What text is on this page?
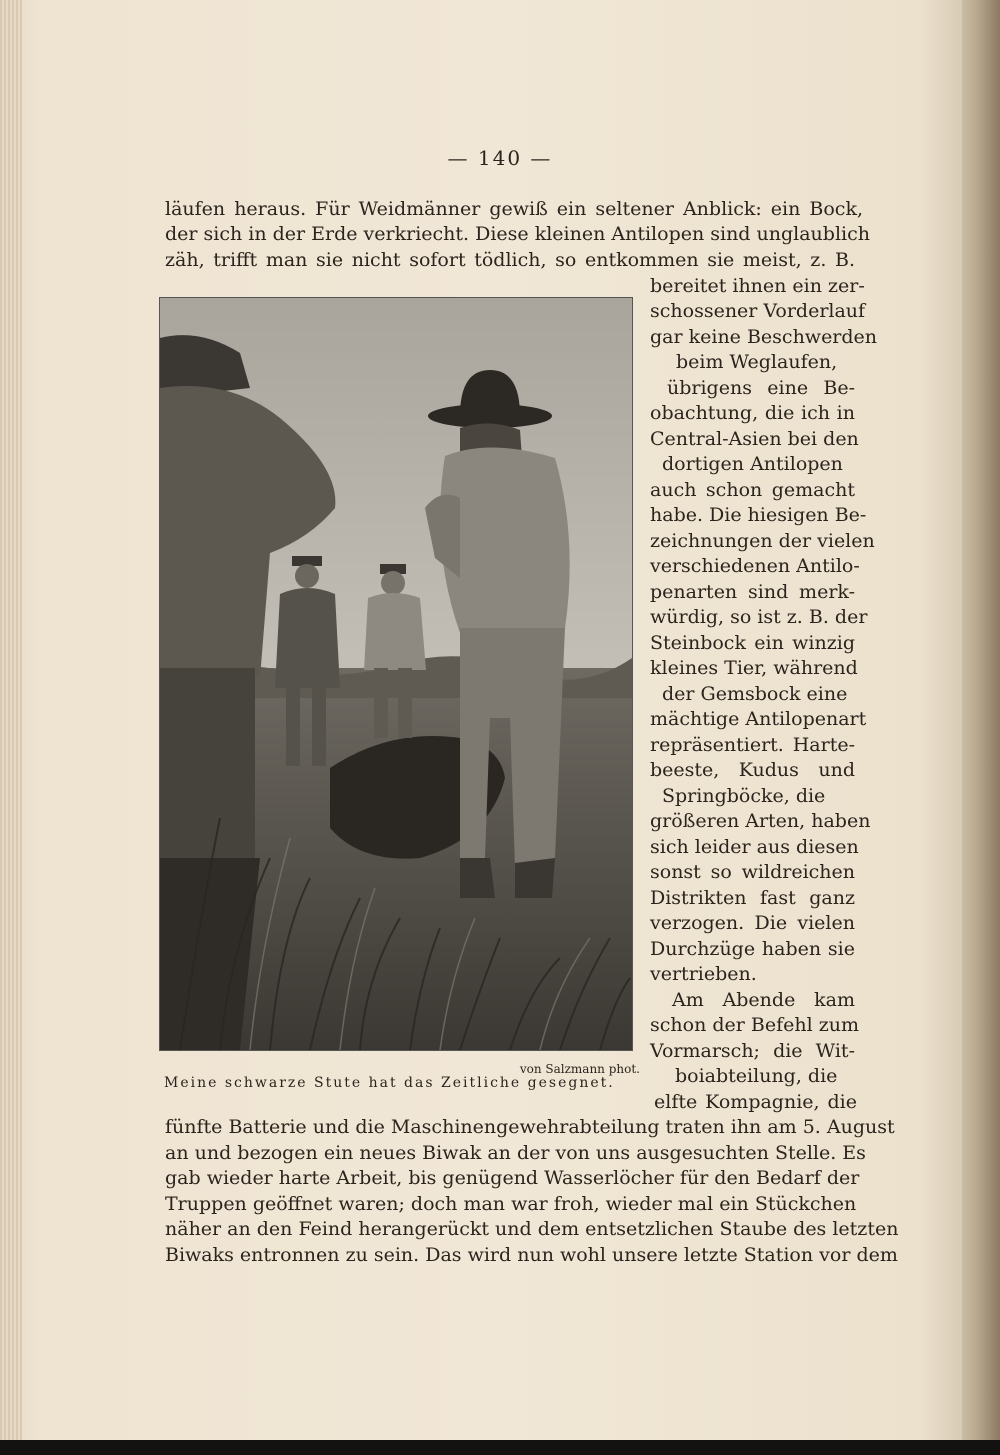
— 140 —
läufen heraus. Für Weidmänner gewiß ein seltener Anblick: ein Bock,
der sich in der Erde verkriecht. Diese kleinen Antilopen sind unglaublich
zäh, trifft man sie nicht sofort tödlich, so entkommen sie meist, z. B.
von Salzmann phot.
Meine schwarze Stute hat das Zeitliche gesegnet.
bereitet ihnen ein zer-
schossener Vorderlauf
gar keine Beschwerden
beim Weglaufen,
übrigens eine Be-
obachtung, die ich in
Central-Asien bei den
dortigen Antilopen
auch schon gemacht
habe. Die hiesigen Be-
zeichnungen der vielen
verschiedenen Antilo-
penarten sind merk-
würdig, so ist z. B. der
Steinbock ein winzig
kleines Tier, während
der Gemsbock eine
mächtige Antilopenart
repräsentiert. Harte-
beeste, Kudus und
Springböcke, die
größeren Arten, haben
sich leider aus diesen
sonst so wildreichen
Distrikten fast ganz
verzogen. Die vielen
Durchzüge haben sie
vertrieben.
Am Abende kam
schon der Befehl zum
Vormarsch; die Wit-
boiabteilung, die
elfte Kompagnie, die
fünfte Batterie und die Maschinengewehrabteilung traten ihn am 5. August
an und bezogen ein neues Biwak an der von uns ausgesuchten Stelle. Es
gab wieder harte Arbeit, bis genügend Wasserlöcher für den Bedarf der
Truppen geöffnet waren; doch man war froh, wieder mal ein Stückchen
näher an den Feind herangerückt und dem entsetzlichen Staube des letzten
Biwaks entronnen zu sein. Das wird nun wohl unsere letzte Station vor dem
